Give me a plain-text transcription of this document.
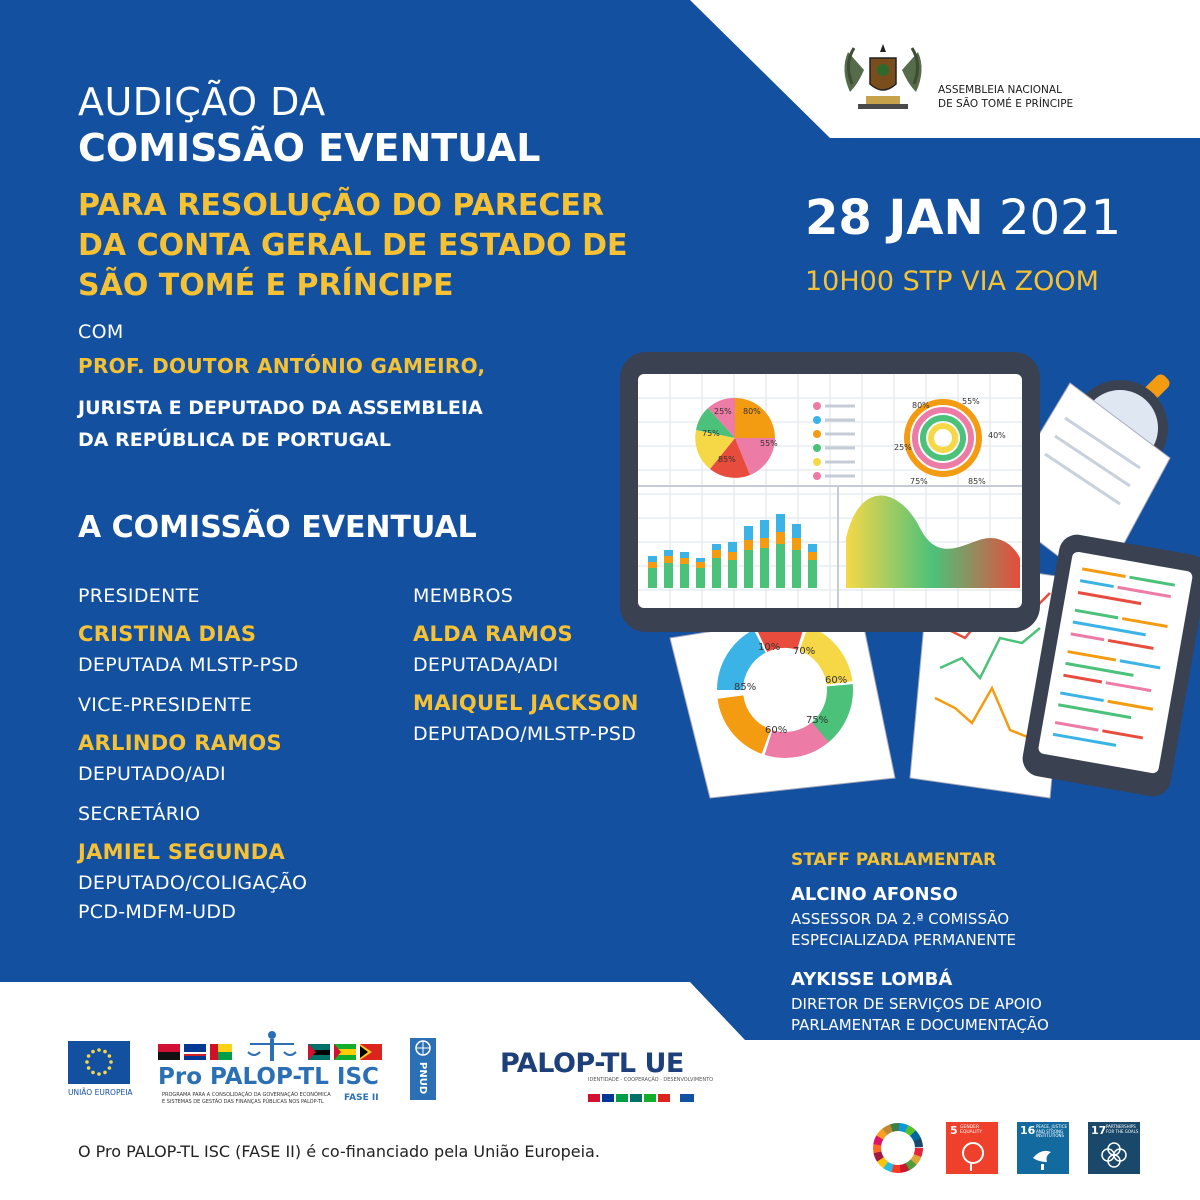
AUDIÇÃO DA
COMISSÃO EVENTUAL
PARA RESOLUÇÃO DO PARECER
DA CONTA GERAL DE ESTADO DE
SÃO TOMÉ E PRÍNCIPE
COM
PROF. DOUTOR ANTÓNIO GAMEIRO,
JURISTA E DEPUTADO DA ASSEMBLEIA
DA REPÚBLICA DE PORTUGAL
ASSEMBLEIA NACIONAL
DE SÃO TOMÉ E PRÍNCIPE
28 JAN 2021
10H00 STP VIA ZOOM
10% 70%
85%
60%
60%
75%
25% 80%
75%
55%
85%
80%	55%
40%
25%
75%	85%
A COMISSÃO EVENTUAL
PRESIDENTE
CRISTINA DIAS
DEPUTADA MLSTP-PSD
VICE-PRESIDENTE
ARLINDO RAMOS
DEPUTADO/ADI
SECRETÁRIO
JAMIEL SEGUNDA
DEPUTADO/COLIGAÇÃO
PCD-MDFM-UDD
MEMBROS
ALDA RAMOS
DEPUTADA/ADI
MAIQUEL JACKSON
DEPUTADO/MLSTP-PSD
STAFF PARLAMENTAR
ALCINO AFONSO
ASSESSOR DA 2.ª COMISSÃO
ESPECIALIZADA PERMANENTE
AYKISSE LOMBÁ
DIRETOR DE SERVIÇOS DE APOIO
PARLAMENTAR E DOCUMENTAÇÃO
UNIÃO EUROPEIA
Pro PALOP-TL ISC
PROGRAMA PARA A CONSOLIDAÇÃO DA GOVERNAÇÃO ECONÓMICA
E SISTEMAS DE GESTÃO DAS FINANÇAS PÚBLICAS NOS PALOP-TL FASE II
PNUD	PALOP-TL UE
IDENTIDADE · COOPERAÇÃO · DESENVOLVIMENTO
O Pro PALOP-TL ISC (FASE II) é co-financiado pela União Europeia.
5 GENDER EQUALITY	16 PEACE, JUSTICE AND STRONG INSTITUTIONS	17 PARTNERSHIPS FOR THE GOALS
